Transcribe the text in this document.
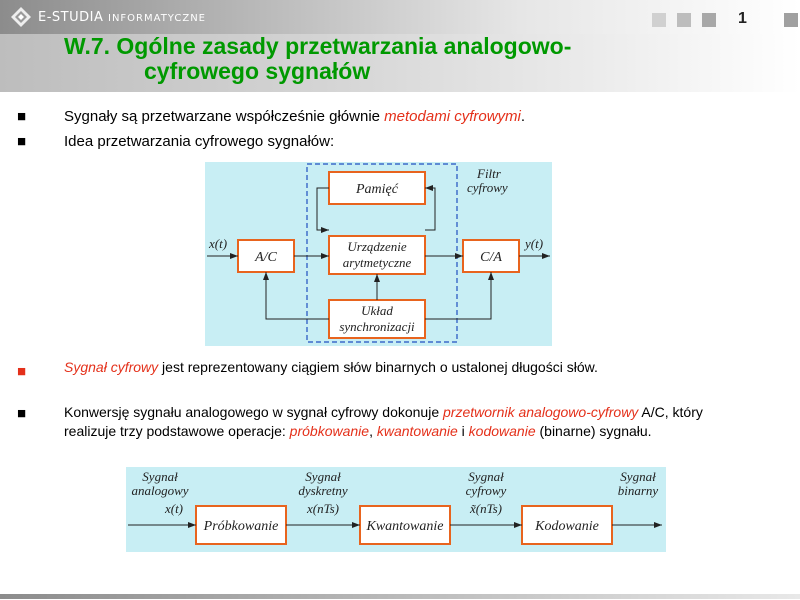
E-STUDIA INFORMATYCZNE	1
W.7. Ogólne zasady przetwarzania analogowo-
cyfrowego sygnałów
■	Sygnały są przetwarzane współcześnie głównie metodami cyfrowymi.
■	Idea przetwarzania cyfrowego sygnałów:
x(t)
A/C
Pamięć
Urządzenie
arytmetyczne
Układ
synchronizacji
C/A
y(t)
Filtr
cyfrowy
■	Sygnał cyfrowy jest reprezentowany ciągiem słów binarnych o ustalonej długości słów.
■	Konwersję sygnału analogowego w sygnał cyfrowy dokonuje przetwornik analogowo-cyfrowy A/C, który
realizuje trzy podstawowe operacje: próbkowanie, kwantowanie i kodowanie (binarne) sygnału.
Próbkowanie	Kwantowanie	Kodowanie
Sygnał
analogowy
x(t)
Sygnał
dyskretny
x(nTs)
Sygnał
cyfrowy
x̃(nTs)
Sygnał
binarny
